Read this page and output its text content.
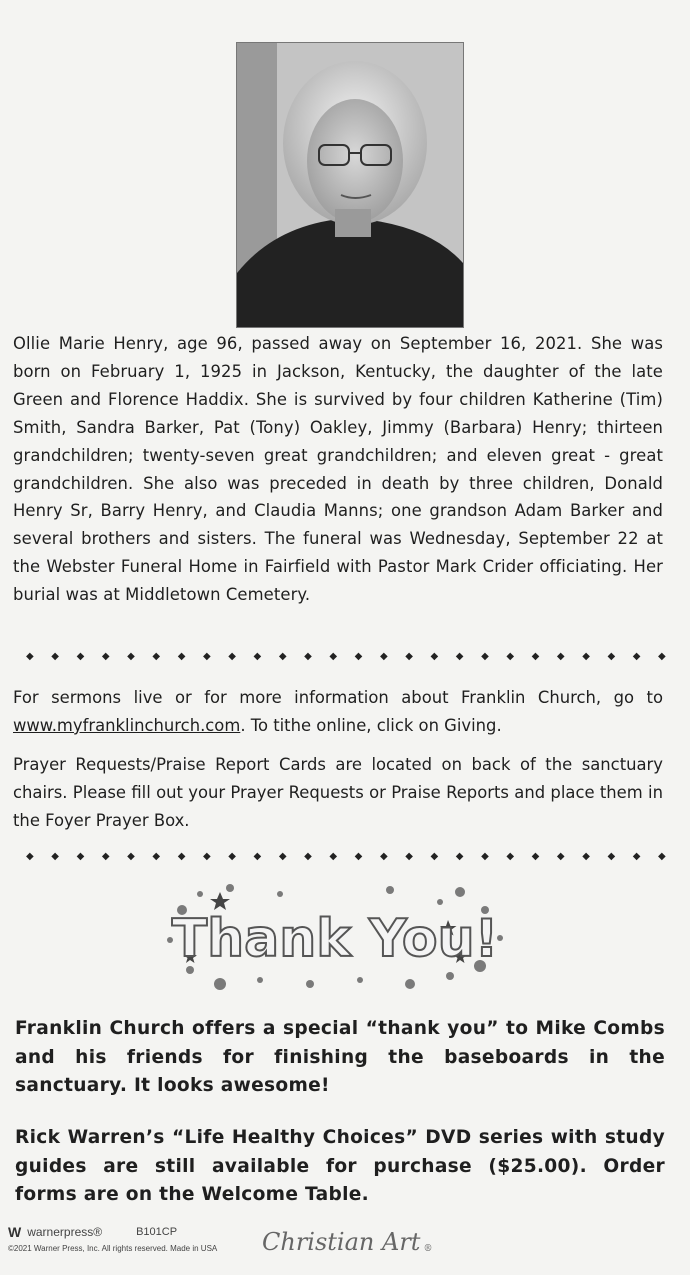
Ollie Marie Henry, age 96, passed away on September 16, 2021. She was born on February 1, 1925 in Jackson, Kentucky, the daughter of the late Green and Florence Haddix. She is survived by four children Katherine (Tim) Smith, Sandra Barker, Pat (Tony) Oakley, Jimmy (Barbara) Henry; thirteen grandchildren; twenty-seven great grandchildren; and eleven great - great grandchildren. She also was preceded in death by three children, Donald Henry Sr, Barry Henry, and Claudia Manns; one grandson Adam Barker and several brothers and sisters. The funeral was Wednesday, September 22 at the Webster Funeral Home in Fairfield with Pastor Mark Crider officiating. Her burial was at Middletown Cemetery.
◆ ◆ ◆ ◆ ◆ ◆ ◆ ◆ ◆ ◆ ◆ ◆ ◆ ◆ ◆ ◆ ◆ ◆ ◆ ◆ ◆ ◆ ◆ ◆ ◆ ◆
For sermons live or for more information about Franklin Church, go to www.myfranklinchurch.com. To tithe online, click on Giving.
Prayer Requests/Praise Report Cards are located on back of the sanctuary chairs. Please fill out your Prayer Requests or Praise Reports and place them in the Foyer Prayer Box.
◆ ◆ ◆ ◆ ◆ ◆ ◆ ◆ ◆ ◆ ◆ ◆ ◆ ◆ ◆ ◆ ◆ ◆ ◆ ◆ ◆ ◆ ◆ ◆ ◆ ◆
Thank You!
Franklin Church offers a special “thank you” to Mike Combs and his friends for finishing the baseboards in the sanctuary. It looks awesome!
Rick Warren’s “Life Healthy Choices” DVD series with study guides are still available for purchase ($25.00). Order forms are on the Welcome Table.
W warnerpress®	B101CP
©2021 Warner Press, Inc. All rights reserved. Made in USA Christian Art ®
